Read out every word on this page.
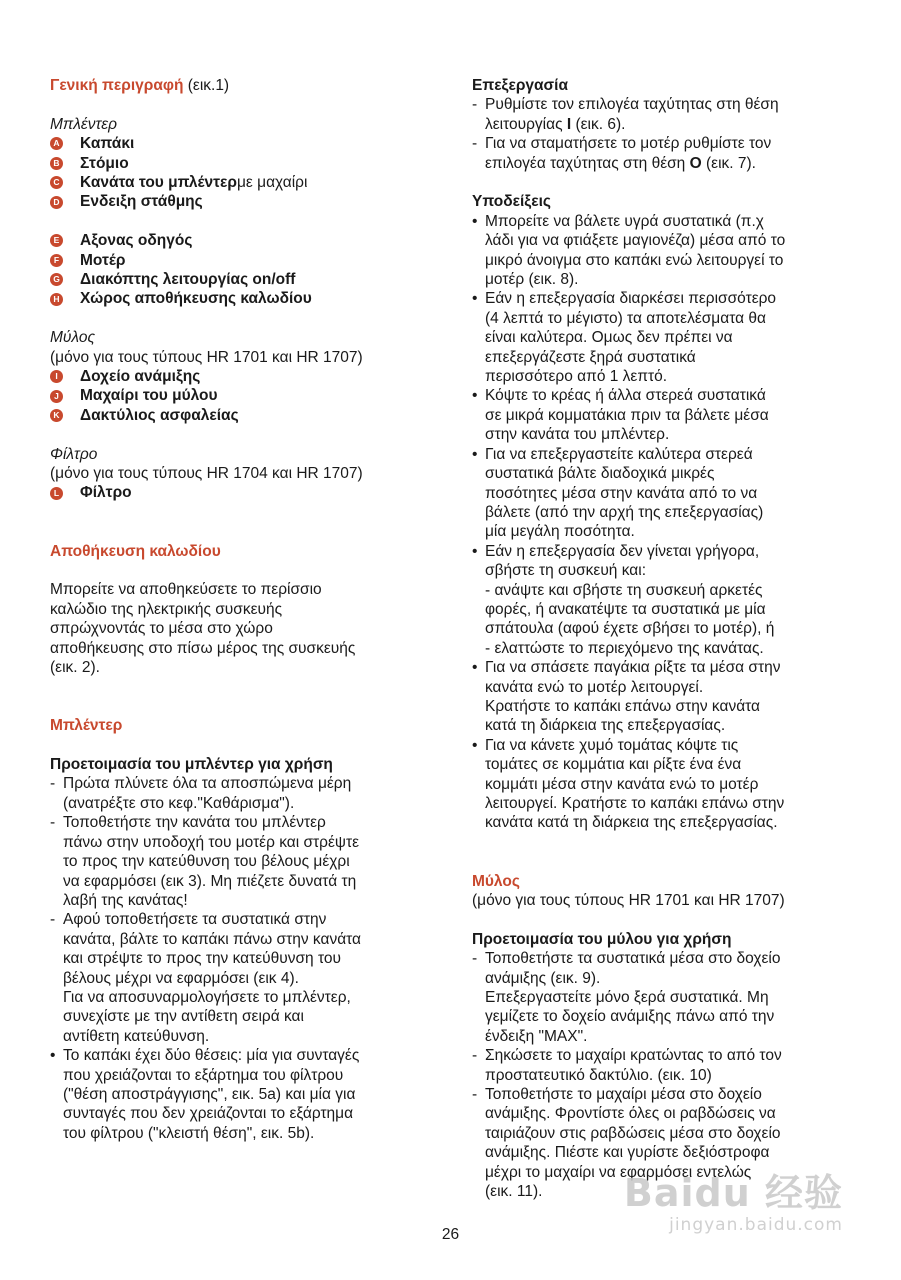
Γενική περιγραφή (εικ.1)
Μπλέντερ
A Καπάκι
B Στόμιο
C Κανάτα του μπλέντερ με μαχαίρι
D Ενδειξη στάθμης
E Αξονας οδηγός
F Μοτέρ
G Διακόπτης λειτουργίας on/off
H Χώρος αποθήκευσης καλωδίου
Μύλος
(μόνο για τους τύπους HR 1701 και HR 1707)
I	Δοχείο ανάμιξης
J Μαχαίρι του μύλου
K Δακτύλιος ασφαλείας
Φίλτρο
(μόνο για τους τύπους HR 1704 και HR 1707)
L Φίλτρο
Αποθήκευση καλωδίου
Μπορείτε να αποθηκεύσετε το περίσσιο
καλώδιο της ηλεκτρικής συσκευής
σπρώχνοντάς το μέσα στο χώρο
αποθήκευσης στο πίσω μέρος της συσκευής
(εικ. 2).
Μπλέντερ
Προετοιμασία του μπλέντερ για χρήση
- Πρώτα πλύνετε όλα τα αποσπώμενα μέρη
(ανατρέξτε στο κεφ."Καθάρισμα").
- Τοποθετήστε την κανάτα του μπλέντερ
πάνω στην υποδοχή του μοτέρ και στρέψτε
το προς την κατεύθυνση του βέλους μέχρι
να εφαρμόσει (εικ 3). Μη πιέζετε δυνατά τη
λαβή της κανάτας!
- Αφού τοποθετήσετε τα συστατικά στην
κανάτα, βάλτε το καπάκι πάνω στην κανάτα
και στρέψτε το προς την κατεύθυνση του
βέλους μέχρι να εφαρμόσει (εικ 4).
Για να αποσυναρμολογήσετε το μπλέντερ,
συνεχίστε με την αντίθετη σειρά και
αντίθετη κατεύθυνση.
• Το καπάκι έχει δύο θέσεις: μία για συνταγές
που χρειάζονται το εξάρτημα του φίλτρου
("θέση αποστράγγισης", εικ. 5a) και μία για
συνταγές που δεν χρειάζονται το εξάρτημα
του φίλτρου ("κλειστή θέση", εικ. 5b).
Επεξεργασία
- Ρυθμίστε τον επιλογέα ταχύτητας στη θέση
λειτουργίας I (εικ. 6).
- Για να σταματήσετε το μοτέρ ρυθμίστε τον
επιλογέα ταχύτητας στη θέση O (εικ. 7).
Υποδείξεις
• Μπορείτε να βάλετε υγρά συστατικά (π.χ
λάδι για να φτιάξετε μαγιονέζα) μέσα από το
μικρό άνοιγμα στο καπάκι ενώ λειτουργεί το
μοτέρ (εικ. 8).
• Εάν η επεξεργασία διαρκέσει περισσότερο
(4 λεπτά το μέγιστο) τα αποτελέσματα θα
είναι καλύτερα. Ομως δεν πρέπει να
επεξεργάζεστε ξηρά συστατικά
περισσότερο από 1 λεπτό.
• Κόψτε το κρέας ή άλλα στερεά συστατικά
σε μικρά κομματάκια πριν τα βάλετε μέσα
στην κανάτα του μπλέντερ.
• Για να επεξεργαστείτε καλύτερα στερεά
συστατικά βάλτε διαδοχικά μικρές
ποσότητες μέσα στην κανάτα από το να
βάλετε (από την αρχή της επεξεργασίας)
μία μεγάλη ποσότητα.
• Εάν η επεξεργασία δεν γίνεται γρήγορα,
σβήστε τη συσκευή και:
- ανάψτε και σβήστε τη συσκευή αρκετές
φορές, ή ανακατέψτε τα συστατικά με μία
σπάτουλα (αφού έχετε σβήσει το μοτέρ), ή
- ελαττώστε το περιεχόμενο της κανάτας.
• Για να σπάσετε παγάκια ρίξτε τα μέσα στην
κανάτα ενώ το μοτέρ λειτουργεί.
Κρατήστε το καπάκι επάνω στην κανάτα
κατά τη διάρκεια της επεξεργασίας.
• Για να κάνετε χυμό τομάτας κόψτε τις
τομάτες σε κομμάτια και ρίξτε ένα ένα
κομμάτι μέσα στην κανάτα ενώ το μοτέρ
λειτουργεί. Κρατήστε το καπάκι επάνω στην
κανάτα κατά τη διάρκεια της επεξεργασίας.
Μύλος
(μόνο για τους τύπους HR 1701 και HR 1707)
Προετοιμασία του μύλου για χρήση
- Τοποθετήστε τα συστατικά μέσα στο δοχείο
ανάμιξης (εικ. 9).
Επεξεργαστείτε μόνο ξερά συστατικά. Μη
γεμίζετε το δοχείο ανάμιξης πάνω από την
ένδειξη "MAX".
- Σηκώσετε το μαχαίρι κρατώντας το από τον
προστατευτικό δακτύλιο. (εικ. 10)
- Τοποθετήστε το μαχαίρι μέσα στο δοχείο
ανάμιξης. Φροντίστε όλες οι ραβδώσεις να
ταιριάζουν στις ραβδώσεις μέσα στο δοχείο
ανάμιξης. Πιέστε και γυρίστε δεξιόστροφα
μέχρι το μαχαίρι να εφαρμόσει εντελώς
(εικ. 11).
26
Baidu 经验
jingyan.baidu.com
